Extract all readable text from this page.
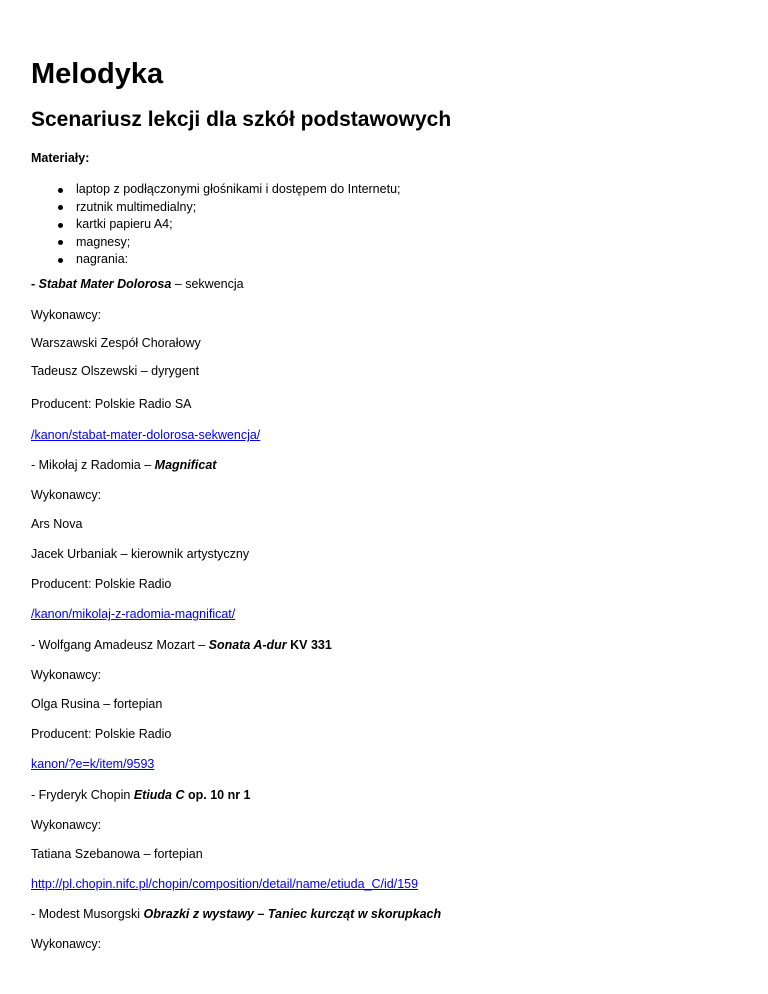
Melodyka
Scenariusz lekcji dla szkół podstawowych

Materiały:

laptop z podłączonymi głośnikami i dostępem do Internetu;
rzutnik multimedialny;
kartki papieru A4;
magnesy;
nagrania:

- Stabat Mater Dolorosa – sekwencja

Wykonawcy:

Warszawski Zespół Chorałowy

Tadeusz Olszewski – dyrygent

Producent: Polskie Radio SA

/kanon/stabat-mater-dolorosa-sekwencja/

- Mikołaj z Radomia – Magnificat

Wykonawcy:

Ars Nova

Jacek Urbaniak – kierownik artystyczny

Producent: Polskie Radio

/kanon/mikolaj-z-radomia-magnificat/

- Wolfgang Amadeusz Mozart – Sonata A-dur KV 331

Wykonawcy:

Olga Rusina – fortepian

Producent: Polskie Radio

kanon/?e=k/item/9593

- Fryderyk Chopin Etiuda C op. 10 nr 1

Wykonawcy:

Tatiana Szebanowa – fortepian

http://pl.chopin.nifc.pl/chopin/composition/detail/name/etiuda_C/id/159

- Modest Musorgski Obrazki z wystawy – Taniec kurcząt w skorupkach

Wykonawcy:
